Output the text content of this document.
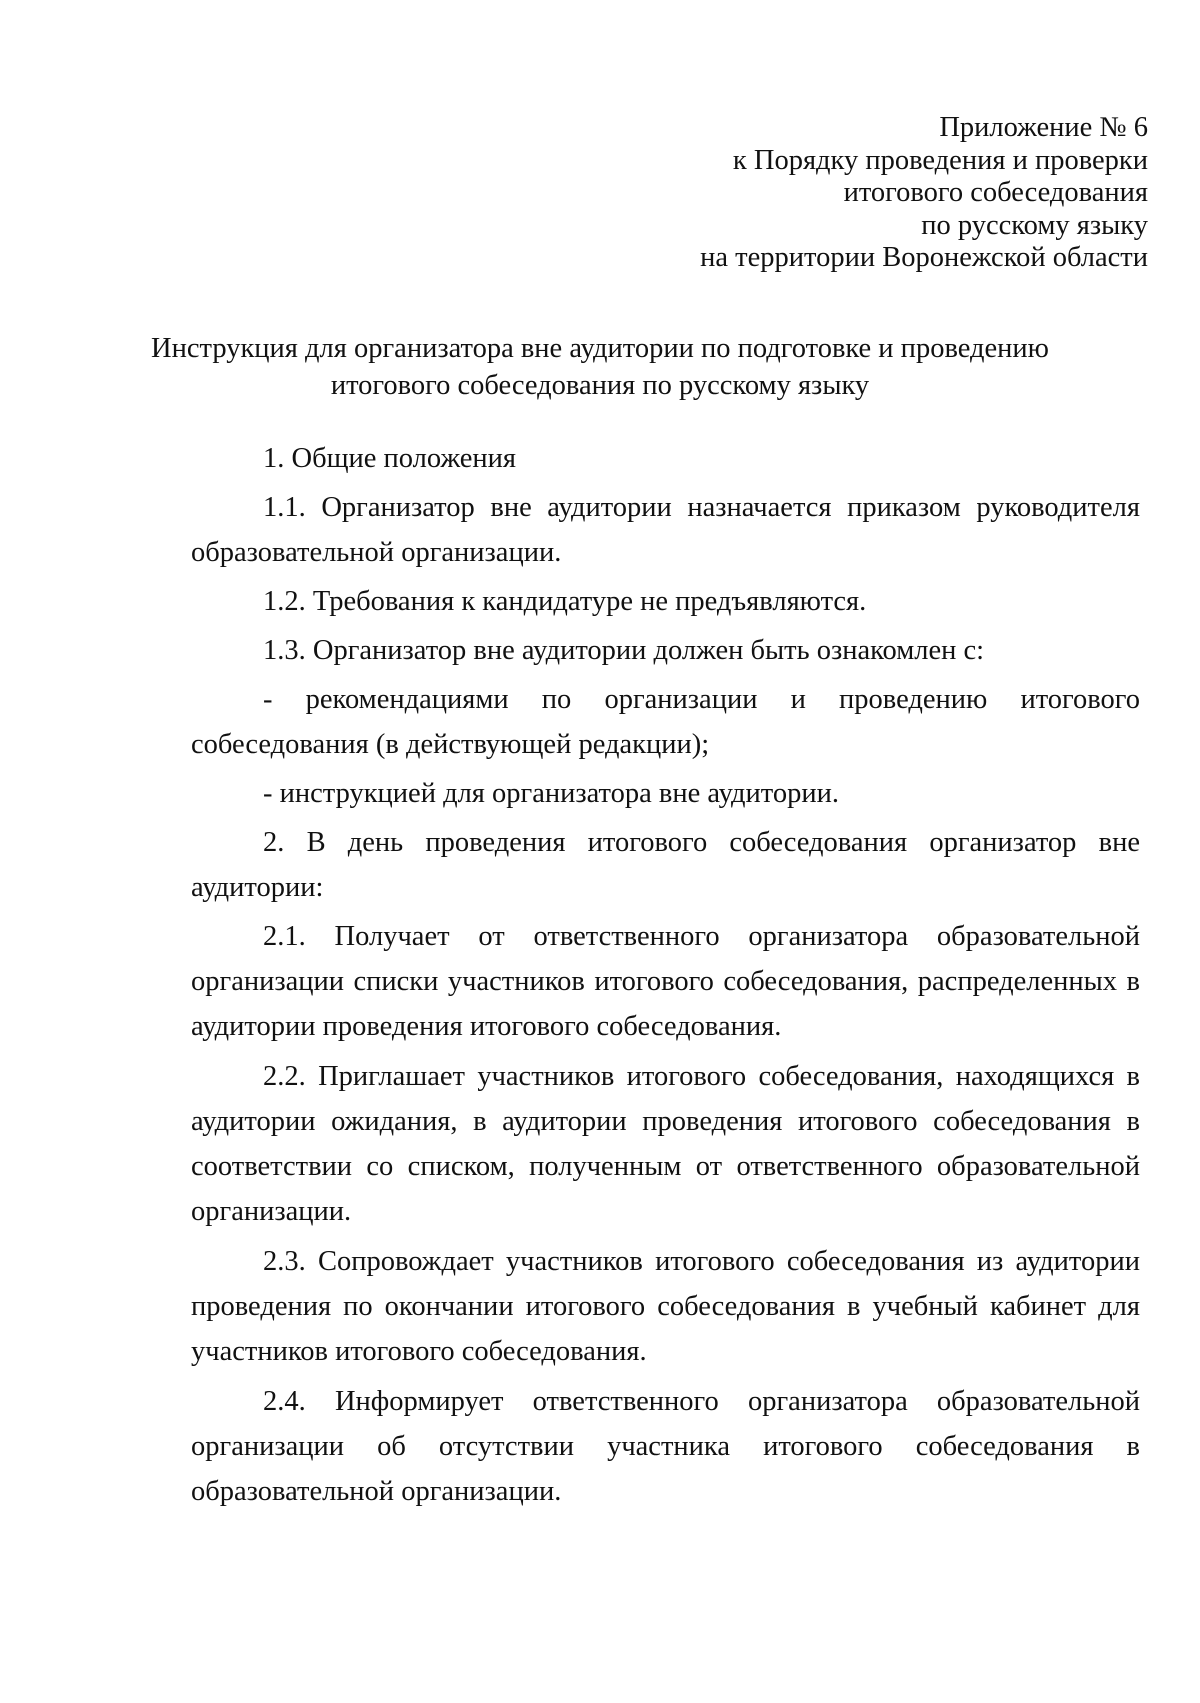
Приложение № 6
к Порядку проведения и проверки
итогового собеседования
по русскому языку
на территории Воронежской области
Инструкция для организатора вне аудитории по подготовке и проведению
итогового собеседования по русскому языку

1. Общие положения

1.1. Организатор вне аудитории назначается приказом руководителя образовательной организации.

1.2. Требования к кандидатуре не предъявляются.

1.3. Организатор вне аудитории должен быть ознакомлен с:

- рекомендациями по организации и проведению итогового собеседования (в действующей редакции);

- инструкцией для организатора вне аудитории.

2. В день проведения итогового собеседования организатор вне аудитории:

2.1. Получает от ответственного организатора образовательной организации списки участников итогового собеседования, распределенных в аудитории проведения итогового собеседования.

2.2. Приглашает участников итогового собеседования, находящихся в аудитории ожидания, в аудитории проведения итогового собеседования в соответствии со списком, полученным от ответственного образовательной организации.

2.3. Сопровождает участников итогового собеседования из аудитории проведения по окончании итогового собеседования в учебный кабинет для участников итогового собеседования.

2.4. Информирует ответственного организатора образовательной организации об отсутствии участника итогового собеседования в образовательной организации.
